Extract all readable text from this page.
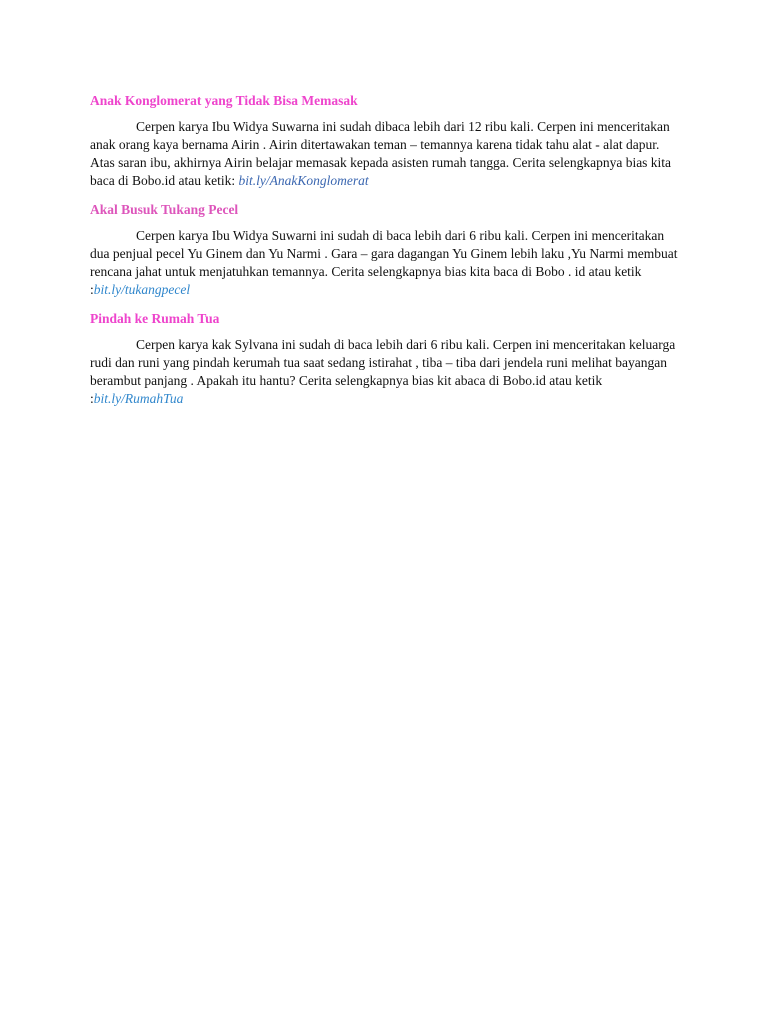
Anak Konglomerat yang Tidak Bisa Memasak

Cerpen karya Ibu Widya Suwarna ini sudah dibaca lebih dari 12 ribu kali. Cerpen ini menceritakan anak orang kaya bernama Airin . Airin ditertawakan teman – temannya karena tidak tahu alat - alat dapur. Atas saran ibu, akhirnya Airin belajar memasak kepada asisten rumah tangga. Cerita selengkapnya bias kita baca di Bobo.id atau ketik: bit.ly/AnakKonglomerat

Akal Busuk Tukang Pecel

Cerpen karya Ibu Widya Suwarni ini sudah di baca lebih dari 6 ribu kali. Cerpen ini menceritakan dua penjual pecel Yu Ginem dan Yu Narmi . Gara – gara dagangan Yu Ginem lebih laku ,Yu Narmi membuat rencana jahat untuk menjatuhkan temannya. Cerita selengkapnya bias kita baca di Bobo . id atau ketik :bit.ly/tukangpecel

Pindah ke Rumah Tua

Cerpen karya kak Sylvana ini sudah di baca lebih dari 6 ribu kali. Cerpen ini menceritakan keluarga rudi dan runi yang pindah kerumah tua saat sedang istirahat , tiba – tiba dari jendela runi melihat bayangan berambut panjang . Apakah itu hantu? Cerita selengkapnya bias kit abaca di Bobo.id atau ketik :bit.ly/RumahTua
